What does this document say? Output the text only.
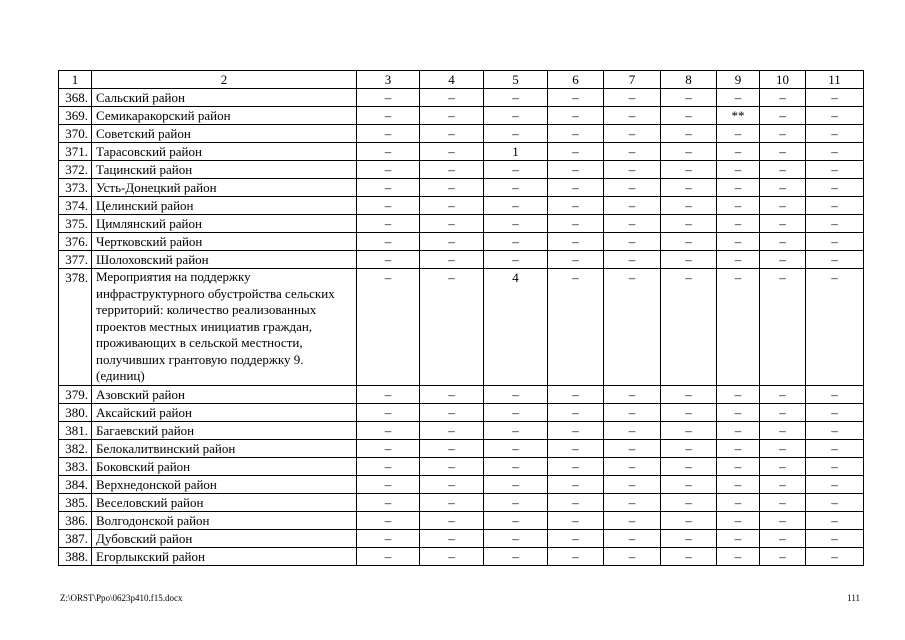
1	2	3	4	5	6	7	8	9	10	11
368.	Сальский район	–	–	–	–	–	–	–	–	–
369.	Семикаракорский район	–	–	–	–	–	–	**	–	–
370.	Советский район	–	–	–	–	–	–	–	–	–
371.	Тарасовский район	–	–	1	–	–	–	–	–	–
372.	Тацинский район	–	–	–	–	–	–	–	–	–
373.	Усть-Донецкий район	–	–	–	–	–	–	–	–	–
374.	Целинский район	–	–	–	–	–	–	–	–	–
375.	Цимлянский район	–	–	–	–	–	–	–	–	–
376.	Чертковский район	–	–	–	–	–	–	–	–	–
377.	Шолоховский район	–	–	–	–	–	–	–	–	–
378.	Мероприятия на поддержку инфраструктурного обустройства сельских территорий: количество реализованных проектов местных инициатив граждан, проживающих в сельской местности, получивших грантовую поддержку 9. (единиц)	–	–	4	–	–	–	–	–	–
379.	Азовский район	–	–	–	–	–	–	–	–	–
380.	Аксайский район	–	–	–	–	–	–	–	–	–
381.	Багаевский район	–	–	–	–	–	–	–	–	–
382.	Белокалитвинский район	–	–	–	–	–	–	–	–	–
383.	Боковский район	–	–	–	–	–	–	–	–	–
384.	Верхнедонской район	–	–	–	–	–	–	–	–	–
385.	Веселовский район	–	–	–	–	–	–	–	–	–
386.	Волгодонской район	–	–	–	–	–	–	–	–	–
387.	Дубовский район	–	–	–	–	–	–	–	–	–
388.	Егорлыкский район	–	–	–	–	–	–	–	–	–
Z:\ORST\Ppo\0623p410.f15.docx	111
